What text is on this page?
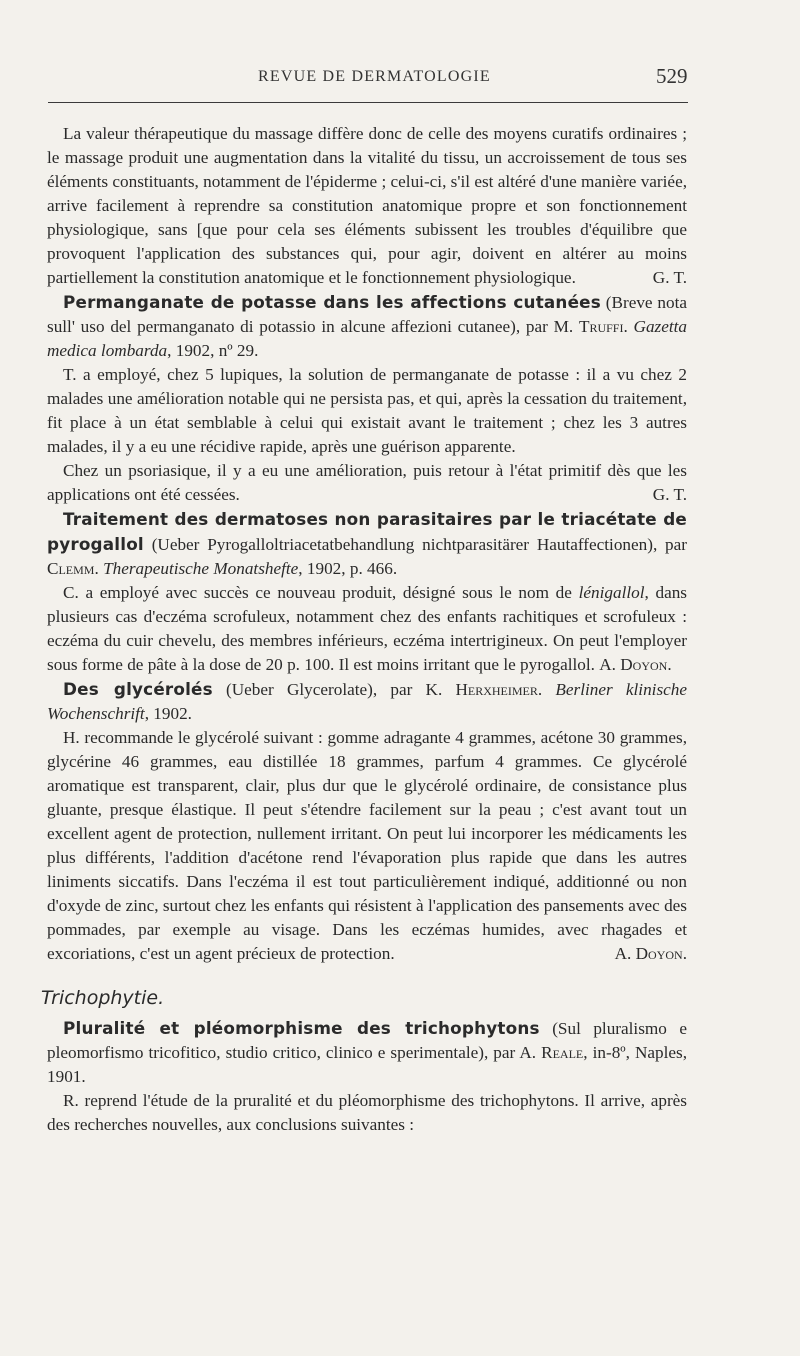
REVUE DE DERMATOLOGIE	529

La valeur thérapeutique du massage diffère donc de celle des moyens curatifs ordinaires ; le massage produit une augmentation dans la vitalité du tissu, un accroissement de tous ses éléments constituants, notamment de l'épiderme ; celui-ci, s'il est altéré d'une manière variée, arrive facilement à reprendre sa constitution anatomique propre et son fonctionnement physiologique, sans [que pour cela ses éléments subissent les troubles d'équilibre que provoquent l'application des substances qui, pour agir, doivent en altérer au moins partiellement la constitution anatomique et le fonctionnement physiologique.	G. T.

Permanganate de potasse dans les affections cutanées (Breve nota sull' uso del permanganato di potassio in alcune affezioni cutanee), par M. Truffi. Gazetta medica lombarda, 1902, nº 29.

T. a employé, chez 5 lupiques, la solution de permanganate de potasse : il a vu chez 2 malades une amélioration notable qui ne persista pas, et qui, après la cessation du traitement, fit place à un état semblable à celui qui existait avant le traitement ; chez les 3 autres malades, il y a eu une récidive rapide, après une guérison apparente.

Chez un psoriasique, il y a eu une amélioration, puis retour à l'état primitif dès que les applications ont été cessées.	G. T.

Traitement des dermatoses non parasitaires par le triacétate de pyrogallol (Ueber Pyrogalloltriacetatbehandlung nichtparasitärer Hautaffectionen), par Clemm. Therapeutische Monatshefte, 1902, p. 466.

C. a employé avec succès ce nouveau produit, désigné sous le nom de lénigallol, dans plusieurs cas d'eczéma scrofuleux, notamment chez des enfants rachitiques et scrofuleux : eczéma du cuir chevelu, des membres inférieurs, eczéma intertrigineux. On peut l'employer sous forme de pâte à la dose de 20 p. 100. Il est moins irritant que le pyrogallol. A. Doyon.

Des glycérolés (Ueber Glycerolate), par K. Herxheimer. Berliner klinische Wochenschrift, 1902.

H. recommande le glycérolé suivant : gomme adragante 4 grammes, acétone 30 grammes, glycérine 46 grammes, eau distillée 18 grammes, parfum 4 grammes. Ce glycérolé aromatique est transparent, clair, plus dur que le glycérolé ordinaire, de consistance plus gluante, presque élastique. Il peut s'étendre facilement sur la peau ; c'est avant tout un excellent agent de protection, nullement irritant. On peut lui incorporer les médicaments les plus différents, l'addition d'acétone rend l'évaporation plus rapide que dans les autres liniments siccatifs. Dans l'eczéma il est tout particulièrement indiqué, additionné ou non d'oxyde de zinc, surtout chez les enfants qui résistent à l'application des pansements avec des pommades, par exemple au visage. Dans les eczémas humides, avec rhagades et excoriations, c'est un agent précieux de protection.	A. Doyon.

Trichophytie.

Pluralité et pléomorphisme des trichophytons (Sul pluralismo e pleomorfismo tricofitico, studio critico, clinico e sperimentale), par A. Reale, in-8º, Naples, 1901.

R. reprend l'étude de la pruralité et du pléomorphisme des trichophytons. Il arrive, après des recherches nouvelles, aux conclusions suivantes :
